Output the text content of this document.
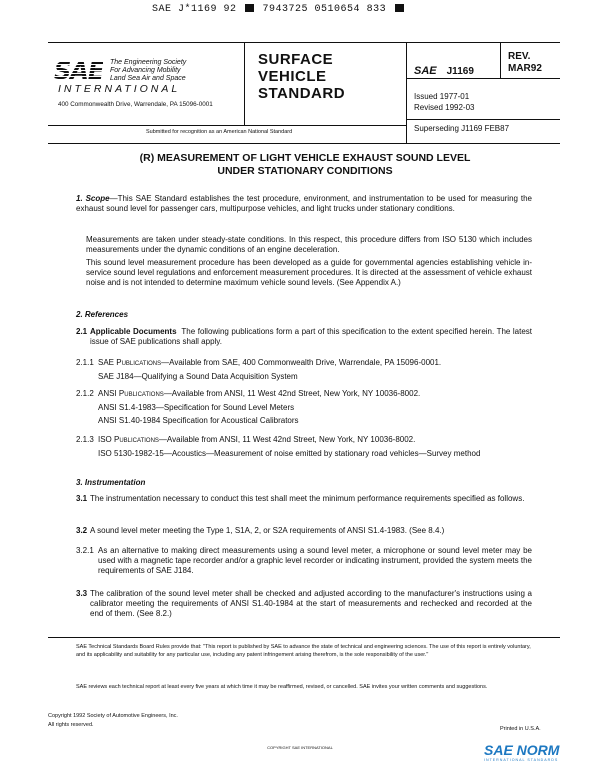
SAE J*1169 92	7943725 0510654 833
SAE The Engineering Society For Advancing Mobility Land Sea Air and Space
INTERNATIONAL
400 Commonwealth Drive, Warrendale, PA 15096-0001
SURFACE
VEHICLE
STANDARD
SAE J1169
REV.
MAR92
Issued 1977-01
Revised 1992-03
Superseding J1169 FEB87
Submitted for recognition as an American National Standard
(R) MEASUREMENT OF LIGHT VEHICLE EXHAUST SOUND LEVEL
UNDER STATIONARY CONDITIONS
1. Scope—This SAE Standard establishes the test procedure, environment, and instrumentation to be used for measuring the exhaust sound level for passenger cars, multipurpose vehicles, and light trucks under stationary conditions.
Measurements are taken under steady-state conditions. In this respect, this procedure differs from ISO 5130 which includes measurements under the dynamic conditions of an engine deceleration.
This sound level measurement procedure has been developed as a guide for governmental agencies establishing vehicle in-service sound level regulations and enforcement measurement procedures. It is directed at the assessment of vehicle exhaust noise and is not intended to determine maximum vehicle sound levels. (See Appendix A.)
2. References
2.1 Applicable Documents The following publications form a part of this specification to the extent specified herein. The latest issue of SAE publications shall apply.
2.1.1 SAE Publications—Available from SAE, 400 Commonwealth Drive, Warrendale, PA 15096-0001.
SAE J184—Qualifying a Sound Data Acquisition System
2.1.2 ANSI Publications—Available from ANSI, 11 West 42nd Street, New York, NY 10036-8002.
ANSI S1.4-1983—Specification for Sound Level Meters
ANSI S1.40-1984 Specification for Acoustical Calibrators
2.1.3 ISO Publications—Available from ANSI, 11 West 42nd Street, New York, NY 10036-8002.
ISO 5130-1982-15—Acoustics—Measurement of noise emitted by stationary road vehicles—Survey method
3. Instrumentation
3.1 The instrumentation necessary to conduct this test shall meet the minimum performance requirements specified as follows.
3.2 A sound level meter meeting the Type 1, S1A, 2, or S2A requirements of ANSI S1.4-1983. (See 8.4.)
3.2.1 As an alternative to making direct measurements using a sound level meter, a microphone or sound level meter may be used with a magnetic tape recorder and/or a graphic level recorder or indicating instrument, provided the system meets the requirements of SAE J184.
3.3 The calibration of the sound level meter shall be checked and adjusted according to the manufacturer's instructions using a calibrator meeting the requirements of ANSI S1.40-1984 at the start of measurements and rechecked and recorded at the end of them. (See 8.2.)
SAE Technical Standards Board Rules provide that: "This report is published by SAE to advance the state of technical and engineering sciences. The use of this report is entirely voluntary, and its applicability and suitability for any particular use, including any patent infringement arising therefrom, is the sole responsibility of the user."
SAE reviews each technical report at least every five years at which time it may be reaffirmed, revised, or cancelled. SAE invites your written comments and suggestions.
Copyright 1992 Society of Automotive Engineers, Inc.
All rights reserved.
Printed in U.S.A.
COPYRIGHT SAE INTERNATIONAL	SAE NORM
INTERNATIONAL STANDARDS
